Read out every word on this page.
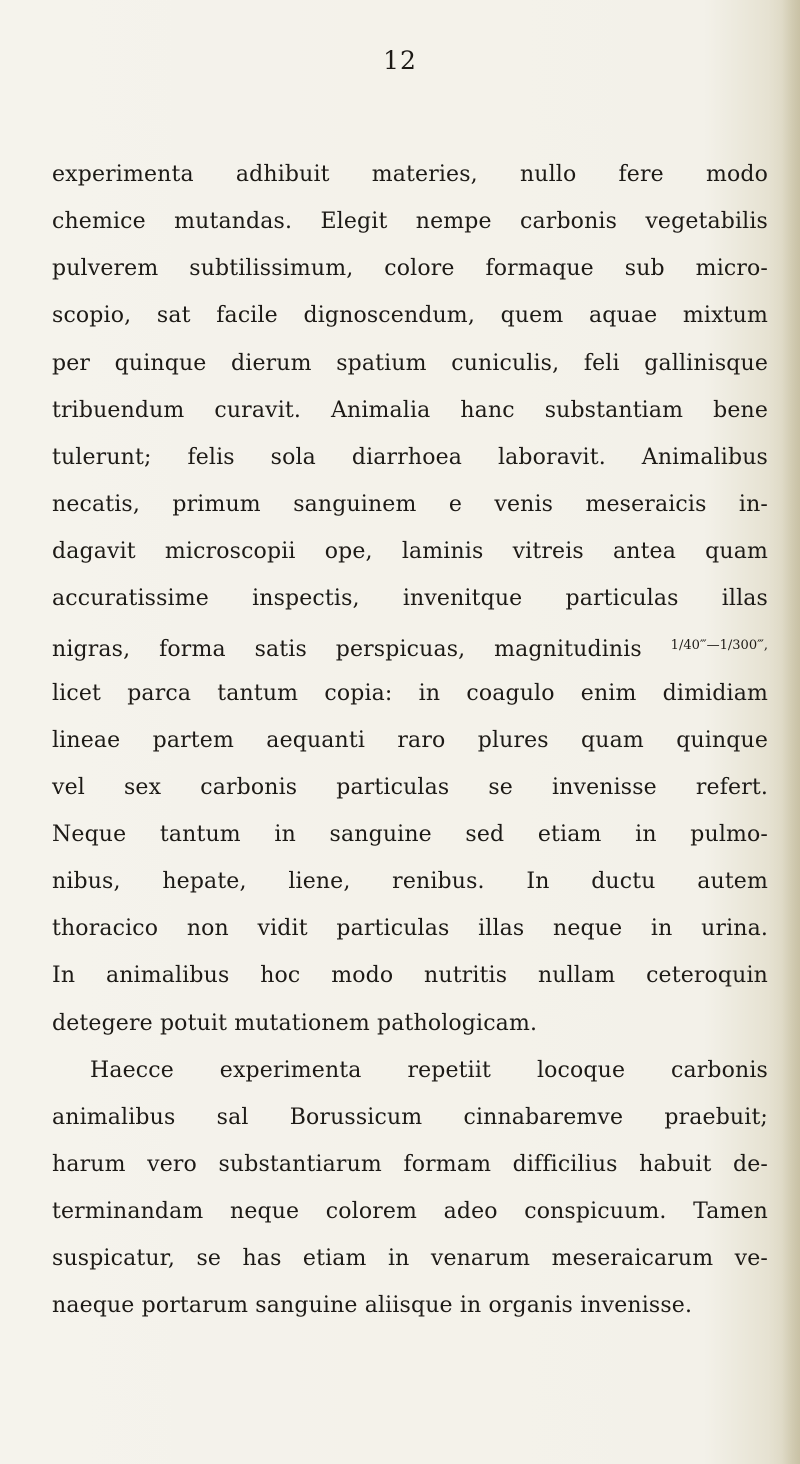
12
experimenta adhibuit materies, nullo fere modo
chemice mutandas. Elegit nempe carbonis vegetabilis
pulverem subtilissimum, colore formaque sub micro-
scopio, sat facile dignoscendum, quem aquae mixtum
per quinque dierum spatium cuniculis, feli gallinisque
tribuendum curavit. Animalia hanc substantiam bene
tulerunt; felis sola diarrhoea laboravit. Animalibus
necatis, primum sanguinem e venis meseraicis in-
dagavit microscopii ope, laminis vitreis antea quam
accuratissime inspectis, invenitque particulas illas
nigras, forma satis perspicuas, magnitudinis $^{1/40‴—1/300‴,}$
licet parca tantum copia: in coagulo enim dimidiam
lineae partem aequanti raro plures quam quinque
vel sex carbonis particulas se invenisse refert.
Neque tantum in sanguine sed etiam in pulmo-
nibus, hepate, liene, renibus. In ductu autem
thoracico non vidit particulas illas neque in urina.
In animalibus hoc modo nutritis nullam ceteroquin
detegere potuit mutationem pathologicam.
Haecce experimenta repetiit locoque carbonis
animalibus sal Borussicum cinnabaremve praebuit;
harum vero substantiarum formam difficilius habuit de-
terminandam neque colorem adeo conspicuum. Tamen
suspicatur, se has etiam in venarum meseraicarum ve-
naeque portarum sanguine aliisque in organis invenisse.
